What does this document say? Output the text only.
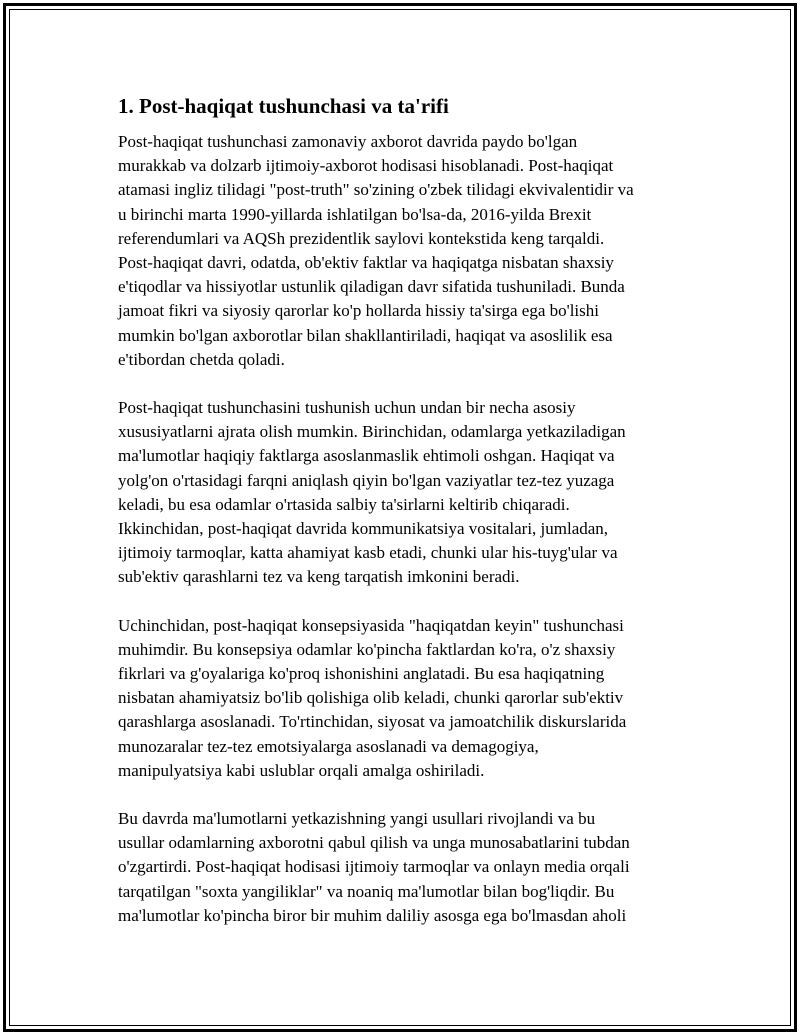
1. Post-haqiqat tushunchasi va ta'rifi

Post-haqiqat tushunchasi zamonaviy axborot davrida paydo bo'lgan
murakkab va dolzarb ijtimoiy-axborot hodisasi hisoblanadi. Post-haqiqat
atamasi ingliz tilidagi "post-truth" so'zining o'zbek tilidagi ekvivalentidir va
u birinchi marta 1990-yillarda ishlatilgan bo'lsa-da, 2016-yilda Brexit
referendumlari va AQSh prezidentlik saylovi kontekstida keng tarqaldi.
Post-haqiqat davri, odatda, ob'ektiv faktlar va haqiqatga nisbatan shaxsiy
e'tiqodlar va hissiyotlar ustunlik qiladigan davr sifatida tushuniladi. Bunda
jamoat fikri va siyosiy qarorlar ko'p hollarda hissiy ta'sirga ega bo'lishi
mumkin bo'lgan axborotlar bilan shakllantiriladi, haqiqat va asoslilik esa
e'tibordan chetda qoladi.

Post-haqiqat tushunchasini tushunish uchun undan bir necha asosiy
xususiyatlarni ajrata olish mumkin. Birinchidan, odamlarga yetkaziladigan
ma'lumotlar haqiqiy faktlarga asoslanmaslik ehtimoli oshgan. Haqiqat va
yolg'on o'rtasidagi farqni aniqlash qiyin bo'lgan vaziyatlar tez-tez yuzaga
keladi, bu esa odamlar o'rtasida salbiy ta'sirlarni keltirib chiqaradi.
Ikkinchidan, post-haqiqat davrida kommunikatsiya vositalari, jumladan,
ijtimoiy tarmoqlar, katta ahamiyat kasb etadi, chunki ular his-tuyg'ular va
sub'ektiv qarashlarni tez va keng tarqatish imkonini beradi.

Uchinchidan, post-haqiqat konsepsiyasida "haqiqatdan keyin" tushunchasi
muhimdir. Bu konsepsiya odamlar ko'pincha faktlardan ko'ra, o'z shaxsiy
fikrlari va g'oyalariga ko'proq ishonishini anglatadi. Bu esa haqiqatning
nisbatan ahamiyatsiz bo'lib qolishiga olib keladi, chunki qarorlar sub'ektiv
qarashlarga asoslanadi. To'rtinchidan, siyosat va jamoatchilik diskurslarida
munozaralar tez-tez emotsiyalarga asoslanadi va demagogiya,
manipulyatsiya kabi uslublar orqali amalga oshiriladi.

Bu davrda ma'lumotlarni yetkazishning yangi usullari rivojlandi va bu
usullar odamlarning axborotni qabul qilish va unga munosabatlarini tubdan
o'zgartirdi. Post-haqiqat hodisasi ijtimoiy tarmoqlar va onlayn media orqali
tarqatilgan "soxta yangiliklar" va noaniq ma'lumotlar bilan bog'liqdir. Bu
ma'lumotlar ko'pincha biror bir muhim daliliy asosga ega bo'lmasdan aholi
